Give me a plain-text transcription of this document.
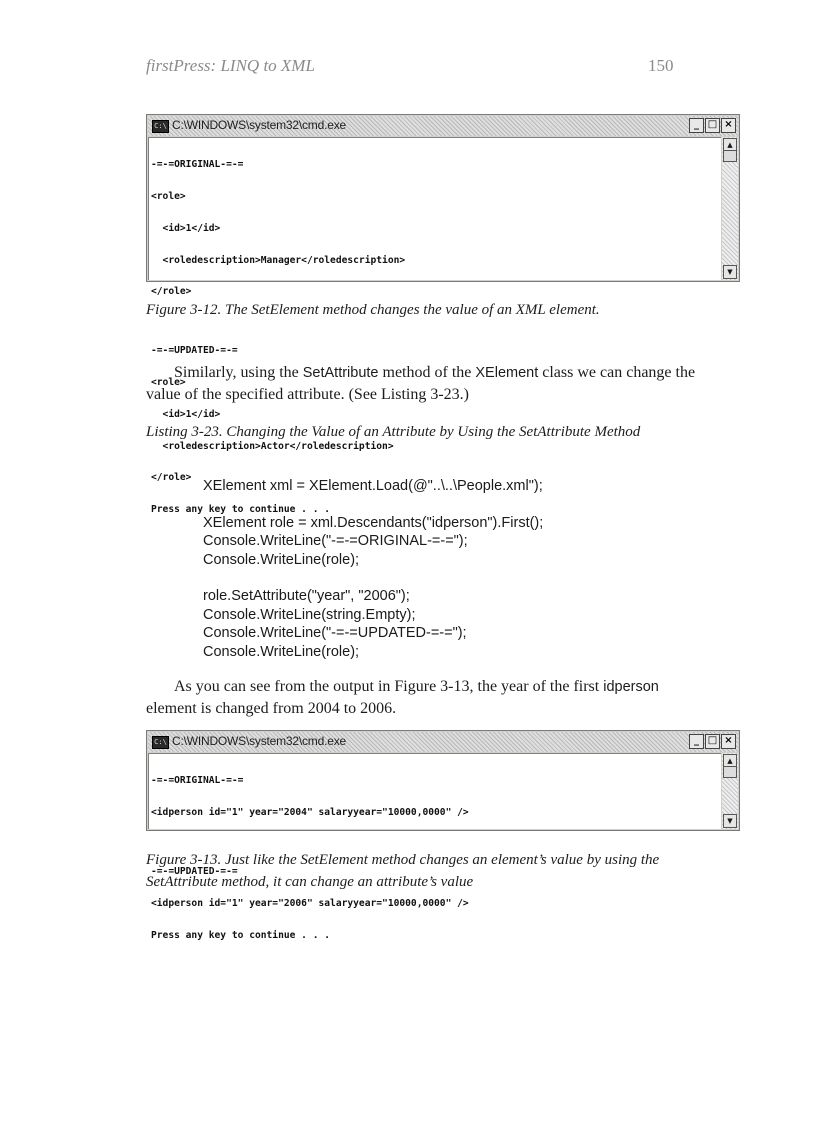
firstPress: LINQ to XML	150
C:\ C:\WINDOWS\system32\cmd.exe	_ □ ×

-=-=ORIGINAL-=-=

<role>

<id>1</id>

<roledescription>Manager</roledescription>

</role>

-=-=UPDATED-=-=

<role>

<id>1</id>

<roledescription>Actor</roledescription>

</role>

Press any key to continue . . .

▲
▼
Figure 3-12. The SetElement method changes the value of an XML element.
Similarly, using the SetAttribute method of the XElement class we can change the value of the specified attribute. (See Listing 3-23.)
Listing 3-23. Changing the Value of an Attribute by Using the SetAttribute Method
XElement xml = XElement.Load(@"..\..\People.xml");
XElement role = xml.Descendants("idperson").First();
Console.WriteLine("-=-=ORIGINAL-=-=");
Console.WriteLine(role);
role.SetAttribute("year", "2006");
Console.WriteLine(string.Empty);
Console.WriteLine("-=-=UPDATED-=-=");
Console.WriteLine(role);
As you can see from the output in Figure 3-13, the year of the first idperson element is changed from 2004 to 2006.
C:\ C:\WINDOWS\system32\cmd.exe	_ □ ×

-=-=ORIGINAL-=-=

<idperson id="1" year="2004" salaryyear="10000,0000" />

-=-=UPDATED-=-=

<idperson id="1" year="2006" salaryyear="10000,0000" />

Press any key to continue . . .

▲
▼
Figure 3-13. Just like the SetElement method changes an element’s value by using the SetAttribute method, it can change an attribute’s value
